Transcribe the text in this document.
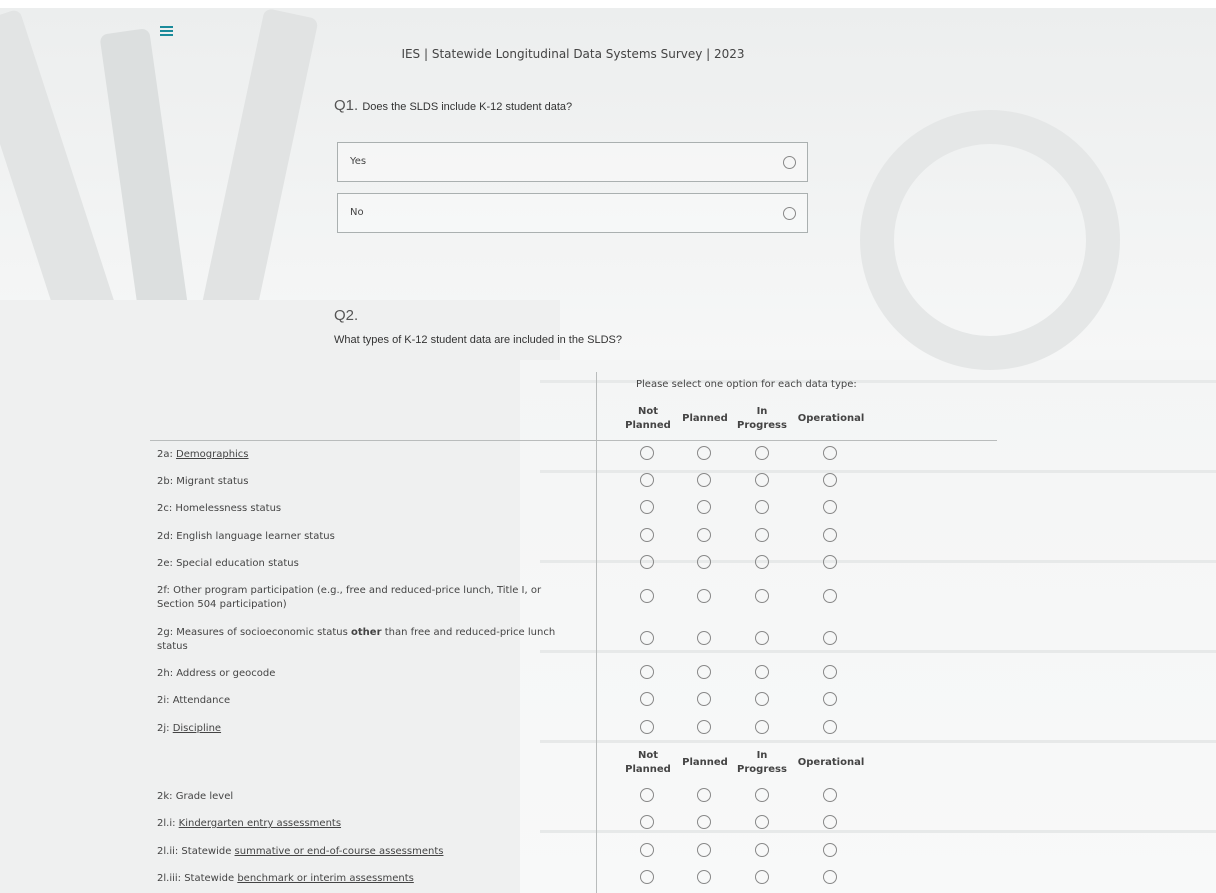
IES | Statewide Longitudinal Data Systems Survey | 2023
Q1. Does the SLDS include K-12 student data?
Yes
No
Q2.
What types of K-12 student data are included in the SLDS?
Please select one option for each data type:
Not
Planned
Planned
In
Progress
Operational
Not
Planned
Planned
In
Progress
Operational
2a: Demographics
2b: Migrant status
2c: Homelessness status
2d: English language learner status
2e: Special education status
2f: Other program participation (e.g., free and reduced-price lunch, Title I, or Section 504 participation)
2g: Measures of socioeconomic status other than free and reduced-price lunch status
2h: Address or geocode
2i: Attendance
2j: Discipline
2k: Grade level
2l.i: Kindergarten entry assessments
2l.ii: Statewide summative or end-of-course assessments
2l.iii: Statewide benchmark or interim assessments
